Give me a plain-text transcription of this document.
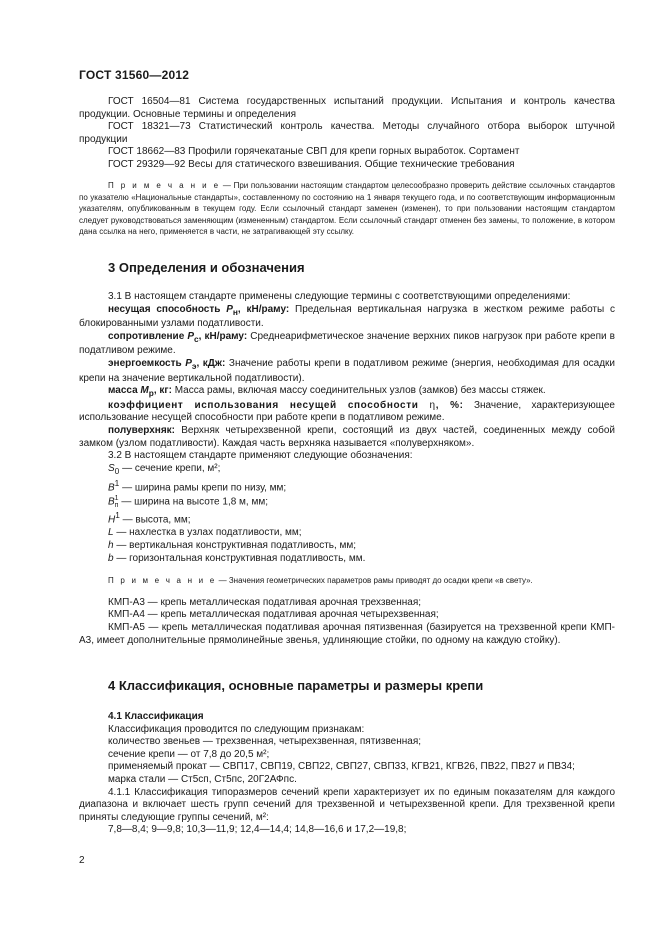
ГОСТ 31560—2012

ГОСТ 16504—81 Система государственных испытаний продукции. Испытания и контроль качества продукции. Основные термины и определения

ГОСТ 18321—73 Статистический контроль качества. Методы случайного отбора выборок штучной продукции

ГОСТ 18662—83 Профили горячекатаные СВП для крепи горных выработок. Сортамент

ГОСТ 29329—92 Весы для статического взвешивания. Общие технические требования

П р и м е ч а н и е — При пользовании настоящим стандартом целесообразно проверить действие ссылочных стандартов по указателю «Национальные стандарты», составленному по состоянию на 1 января текущего года, и по соответствующим информационным указателям, опубликованным в текущем году. Если ссылочный стандарт заменен (изменен), то при пользовании настоящим стандартом следует руководствоваться заменяющим (измененным) стандартом. Если ссылочный стандарт отменен без замены, то положение, в котором дана ссылка на него, применяется в части, не затрагивающей эту ссылку.

3 Определения и обозначения

3.1 В настоящем стандарте применены следующие термины с соответствующими определениями:

несущая способность $P_н$, кН/раму: Предельная вертикальная нагрузка в жестком режиме работы с блокированными узлами податливости.

сопротивление $P_с$, кН/раму: Среднеарифметическое значение верхних пиков нагрузок при работе крепи в податливом режиме.

энергоемкость $P_э$, кДж: Значение работы крепи в податливом режиме (энергия, необходимая для осадки крепи на значение вертикальной податливости).

масса $M_р$, кг: Масса рамы, включая массу соединительных узлов (замков) без массы стяжек.

коэффициент использования несущей способности η, %: Значение, характеризующее использование несущей способности при работе крепи в податливом режиме.

полуверхняк: Верхняк четырехзвенной крепи, состоящий из двух частей, соединенных между собой замком (узлом податливости). Каждая часть верхняка называется «полуверхняком».

3.2 В настоящем стандарте применяют следующие обозначения:

$S_0$ — сечение крепи, м²;

$B^1$ — ширина рамы крепи по низу, мм;

B 1
п — ширина на высоте 1,8 м, мм;

$H^1$ — высота, мм;

L — нахлестка в узлах податливости, мм;

h — вертикальная конструктивная податливость, мм;

b — горизонтальная конструктивная податливость, мм.

П р и м е ч а н и е — Значения геометрических параметров рамы приводят до осадки крепи «в свету».

КМП-А3 — крепь металлическая податливая арочная трехзвенная;

КМП-А4 — крепь металлическая податливая арочная четырехзвенная;

КМП-А5 — крепь металлическая податливая арочная пятизвенная (базируется на трехзвенной крепи КМП-А3, имеет дополнительные прямолинейные звенья, удлиняющие стойки, по одному на каждую стойку).

4 Классификация, основные параметры и размеры крепи
4.1 Классификация

Классификация проводится по следующим признакам:

количество звеньев — трехзвенная, четырехзвенная, пятизвенная;

сечение крепи — от 7,8 до 20,5 м²;

применяемый прокат — СВП17, СВП19, СВП22, СВП27, СВП33, КГВ21, КГВ26, ПВ22, ПВ27 и ПВ34;

марка стали — Ст5сп, Ст5пс, 20Г2АФпс.

4.1.1 Классификация типоразмеров сечений крепи характеризует их по единым показателям для каждого диапазона и включает шесть групп сечений для трехзвенной и четырехзвенной крепи. Для трехзвенной крепи приняты следующие группы сечений, м²:

7,8—8,4; 9—9,8; 10,3—11,9; 12,4—14,4; 14,8—16,6 и 17,2—19,8;

2
